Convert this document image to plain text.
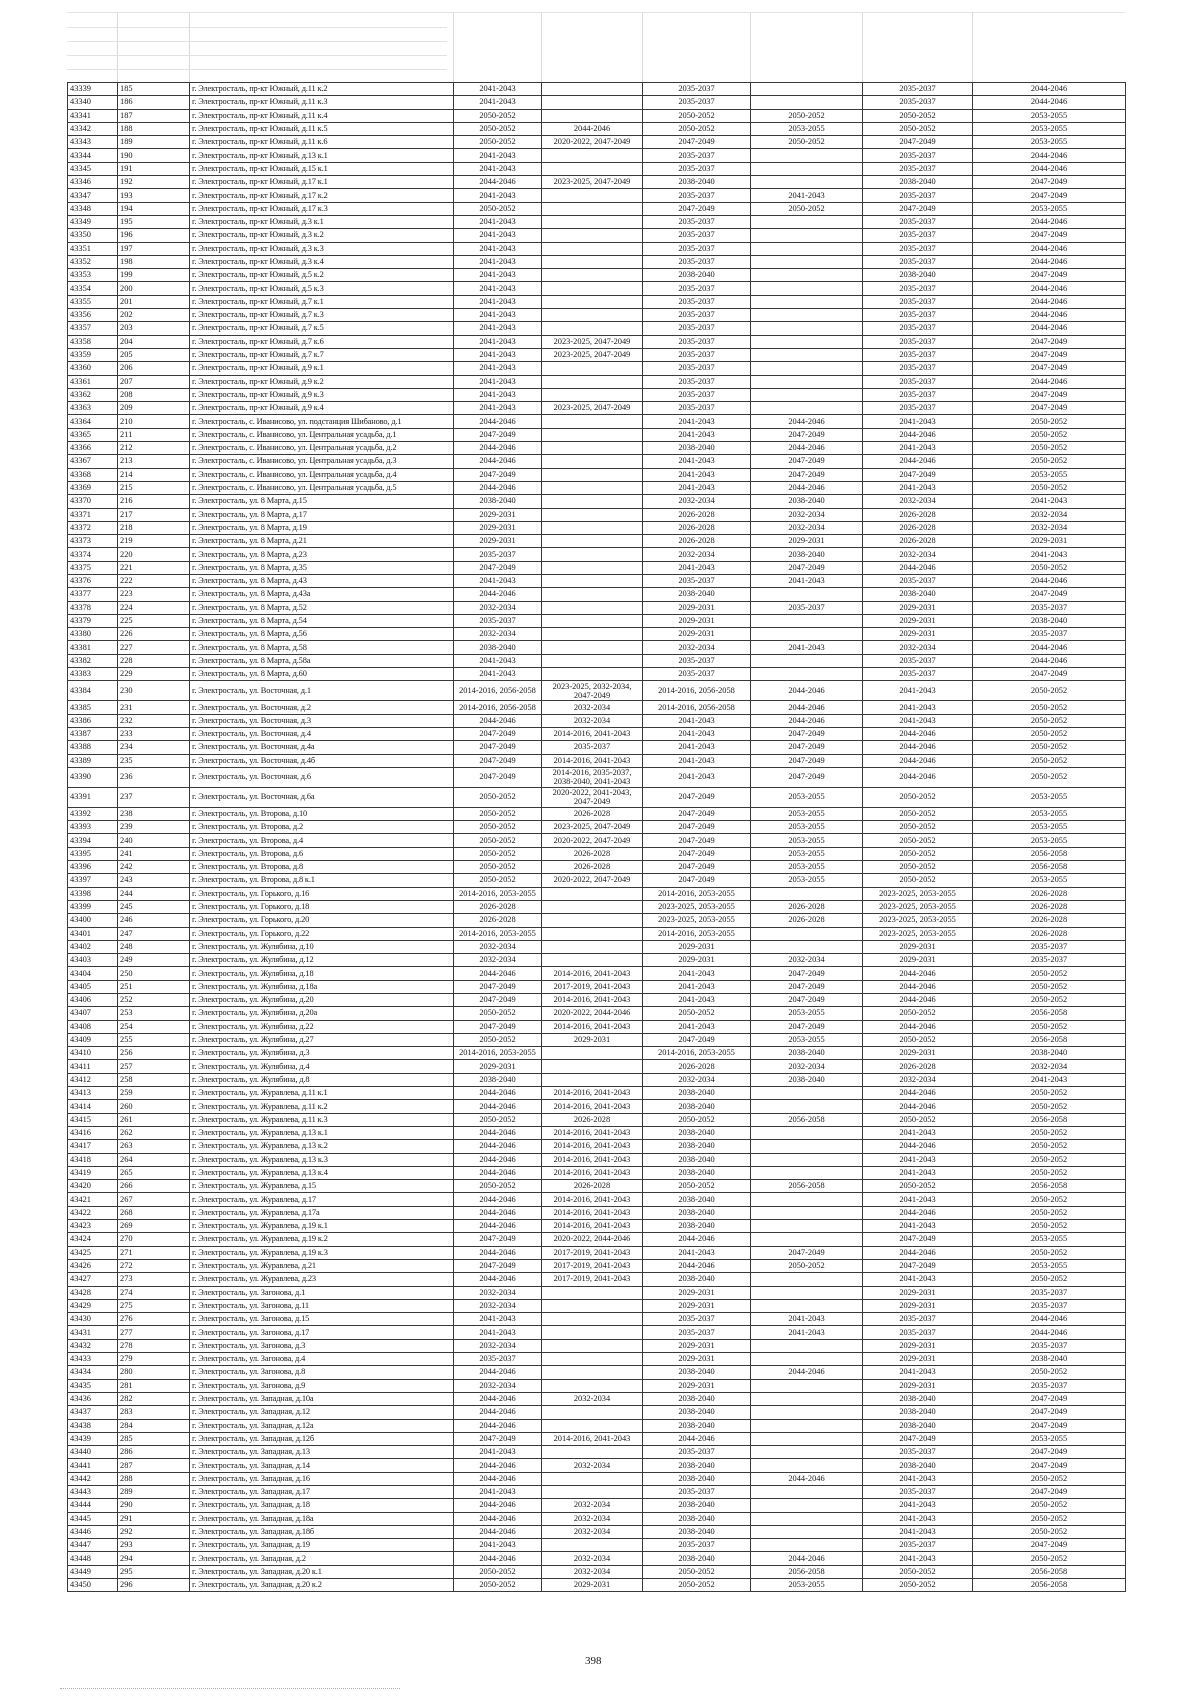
43339	185	г. Электросталь, пр-кт Южный, д.11 к.2	2041-2043		2035-2037		2035-2037	2044-2046
43340	186	г. Электросталь, пр-кт Южный, д.11 к.3	2041-2043		2035-2037		2035-2037	2044-2046
43341	187	г. Электросталь, пр-кт Южный, д.11 к.4	2050-2052		2050-2052	2050-2052	2050-2052	2053-2055
43342	188	г. Электросталь, пр-кт Южный, д.11 к.5	2050-2052	2044-2046	2050-2052	2053-2055	2050-2052	2053-2055
43343	189	г. Электросталь, пр-кт Южный, д.11 к.6	2050-2052	2020-2022, 2047-2049	2047-2049	2050-2052	2047-2049	2053-2055
43344	190	г. Электросталь, пр-кт Южный, д.13 к.1	2041-2043		2035-2037		2035-2037	2044-2046
43345	191	г. Электросталь, пр-кт Южный, д.15 к.1	2041-2043		2035-2037		2035-2037	2044-2046
43346	192	г. Электросталь, пр-кт Южный, д.17 к.1	2044-2046	2023-2025, 2047-2049	2038-2040		2038-2040	2047-2049
43347	193	г. Электросталь, пр-кт Южный, д.17 к.2	2041-2043		2035-2037	2041-2043	2035-2037	2047-2049
43348	194	г. Электросталь, пр-кт Южный, д.17 к.3	2050-2052		2047-2049	2050-2052	2047-2049	2053-2055
43349	195	г. Электросталь, пр-кт Южный, д.3 к.1	2041-2043		2035-2037		2035-2037	2044-2046
43350	196	г. Электросталь, пр-кт Южный, д.3 к.2	2041-2043		2035-2037		2035-2037	2047-2049
43351	197	г. Электросталь, пр-кт Южный, д.3 к.3	2041-2043		2035-2037		2035-2037	2044-2046
43352	198	г. Электросталь, пр-кт Южный, д.3 к.4	2041-2043		2035-2037		2035-2037	2044-2046
43353	199	г. Электросталь, пр-кт Южный, д.5 к.2	2041-2043		2038-2040		2038-2040	2047-2049
43354	200	г. Электросталь, пр-кт Южный, д.5 к.3	2041-2043		2035-2037		2035-2037	2044-2046
43355	201	г. Электросталь, пр-кт Южный, д.7 к.1	2041-2043		2035-2037		2035-2037	2044-2046
43356	202	г. Электросталь, пр-кт Южный, д.7 к.3	2041-2043		2035-2037		2035-2037	2044-2046
43357	203	г. Электросталь, пр-кт Южный, д.7 к.5	2041-2043		2035-2037		2035-2037	2044-2046
43358	204	г. Электросталь, пр-кт Южный, д.7 к.6	2041-2043	2023-2025, 2047-2049	2035-2037		2035-2037	2047-2049
43359	205	г. Электросталь, пр-кт Южный, д.7 к.7	2041-2043	2023-2025, 2047-2049	2035-2037		2035-2037	2047-2049
43360	206	г. Электросталь, пр-кт Южный, д.9 к.1	2041-2043		2035-2037		2035-2037	2047-2049
43361	207	г. Электросталь, пр-кт Южный, д.9 к.2	2041-2043		2035-2037		2035-2037	2044-2046
43362	208	г. Электросталь, пр-кт Южный, д.9 к.3	2041-2043		2035-2037		2035-2037	2047-2049
43363	209	г. Электросталь, пр-кт Южный, д.9 к.4	2041-2043	2023-2025, 2047-2049	2035-2037		2035-2037	2047-2049
43364	210	г. Электросталь, с. Иванисово, ул. подстанция Шибаново, д.1	2044-2046		2041-2043	2044-2046	2041-2043	2050-2052
43365	211	г. Электросталь, с. Иванисово, ул. Центральная усадьба, д.1	2047-2049		2041-2043	2047-2049	2044-2046	2050-2052
43366	212	г. Электросталь, с. Иванисово, ул. Центральная усадьба, д.2	2044-2046		2038-2040	2044-2046	2041-2043	2050-2052
43367	213	г. Электросталь, с. Иванисово, ул. Центральная усадьба, д.3	2044-2046		2041-2043	2047-2049	2044-2046	2050-2052
43368	214	г. Электросталь, с. Иванисово, ул. Центральная усадьба, д.4	2047-2049		2041-2043	2047-2049	2047-2049	2053-2055
43369	215	г. Электросталь, с. Иванисово, ул. Центральная усадьба, д.5	2044-2046		2041-2043	2044-2046	2041-2043	2050-2052
43370	216	г. Электросталь, ул. 8 Марта, д.15	2038-2040		2032-2034	2038-2040	2032-2034	2041-2043
43371	217	г. Электросталь, ул. 8 Марта, д.17	2029-2031		2026-2028	2032-2034	2026-2028	2032-2034
43372	218	г. Электросталь, ул. 8 Марта, д.19	2029-2031		2026-2028	2032-2034	2026-2028	2032-2034
43373	219	г. Электросталь, ул. 8 Марта, д.21	2029-2031		2026-2028	2029-2031	2026-2028	2029-2031
43374	220	г. Электросталь, ул. 8 Марта, д.23	2035-2037		2032-2034	2038-2040	2032-2034	2041-2043
43375	221	г. Электросталь, ул. 8 Марта, д.35	2047-2049		2041-2043	2047-2049	2044-2046	2050-2052
43376	222	г. Электросталь, ул. 8 Марта, д.43	2041-2043		2035-2037	2041-2043	2035-2037	2044-2046
43377	223	г. Электросталь, ул. 8 Марта, д.43а	2044-2046		2038-2040		2038-2040	2047-2049
43378	224	г. Электросталь, ул. 8 Марта, д.52	2032-2034		2029-2031	2035-2037	2029-2031	2035-2037
43379	225	г. Электросталь, ул. 8 Марта, д.54	2035-2037		2029-2031		2029-2031	2038-2040
43380	226	г. Электросталь, ул. 8 Марта, д.56	2032-2034		2029-2031		2029-2031	2035-2037
43381	227	г. Электросталь, ул. 8 Марта, д.58	2038-2040		2032-2034	2041-2043	2032-2034	2044-2046
43382	228	г. Электросталь, ул. 8 Марта, д.58а	2041-2043		2035-2037		2035-2037	2044-2046
43383	229	г. Электросталь, ул. 8 Марта, д.60	2041-2043		2035-2037		2035-2037	2047-2049
43384	230	г. Электросталь, ул. Восточная, д.1	2014-2016, 2056-2058	2023-2025, 2032-2034, 2047-2049	2014-2016, 2056-2058	2044-2046	2041-2043	2050-2052
43385	231	г. Электросталь, ул. Восточная, д.2	2014-2016, 2056-2058	2032-2034	2014-2016, 2056-2058	2044-2046	2041-2043	2050-2052
43386	232	г. Электросталь, ул. Восточная, д.3	2044-2046	2032-2034	2041-2043	2044-2046	2041-2043	2050-2052
43387	233	г. Электросталь, ул. Восточная, д.4	2047-2049	2014-2016, 2041-2043	2041-2043	2047-2049	2044-2046	2050-2052
43388	234	г. Электросталь, ул. Восточная, д.4а	2047-2049	2035-2037	2041-2043	2047-2049	2044-2046	2050-2052
43389	235	г. Электросталь, ул. Восточная, д.4б	2047-2049	2014-2016, 2041-2043	2041-2043	2047-2049	2044-2046	2050-2052
43390	236	г. Электросталь, ул. Восточная, д.6	2047-2049	2014-2016, 2035-2037, 2038-2040, 2041-2043	2041-2043	2047-2049	2044-2046	2050-2052
43391	237	г. Электросталь, ул. Восточная, д.6а	2050-2052	2020-2022, 2041-2043, 2047-2049	2047-2049	2053-2055	2050-2052	2053-2055
43392	238	г. Электросталь, ул. Второва, д.10	2050-2052	2026-2028	2047-2049	2053-2055	2050-2052	2053-2055
43393	239	г. Электросталь, ул. Второва, д.2	2050-2052	2023-2025, 2047-2049	2047-2049	2053-2055	2050-2052	2053-2055
43394	240	г. Электросталь, ул. Второва, д.4	2050-2052	2020-2022, 2047-2049	2047-2049	2053-2055	2050-2052	2053-2055
43395	241	г. Электросталь, ул. Второва, д.6	2050-2052	2026-2028	2047-2049	2053-2055	2050-2052	2056-2058
43396	242	г. Электросталь, ул. Второва, д.8	2050-2052	2026-2028	2047-2049	2053-2055	2050-2052	2056-2058
43397	243	г. Электросталь, ул. Второва, д.8 к.1	2050-2052	2020-2022, 2047-2049	2047-2049	2053-2055	2050-2052	2053-2055
43398	244	г. Электросталь, ул. Горького, д.16	2014-2016, 2053-2055		2014-2016, 2053-2055		2023-2025, 2053-2055	2026-2028
43399	245	г. Электросталь, ул. Горького, д.18	2026-2028		2023-2025, 2053-2055	2026-2028	2023-2025, 2053-2055	2026-2028
43400	246	г. Электросталь, ул. Горького, д.20	2026-2028		2023-2025, 2053-2055	2026-2028	2023-2025, 2053-2055	2026-2028
43401	247	г. Электросталь, ул. Горького, д.22	2014-2016, 2053-2055		2014-2016, 2053-2055		2023-2025, 2053-2055	2026-2028
43402	248	г. Электросталь, ул. Жулябина, д.10	2032-2034		2029-2031		2029-2031	2035-2037
43403	249	г. Электросталь, ул. Жулябина, д.12	2032-2034		2029-2031	2032-2034	2029-2031	2035-2037
43404	250	г. Электросталь, ул. Жулябина, д.18	2044-2046	2014-2016, 2041-2043	2041-2043	2047-2049	2044-2046	2050-2052
43405	251	г. Электросталь, ул. Жулябина, д.18а	2047-2049	2017-2019, 2041-2043	2041-2043	2047-2049	2044-2046	2050-2052
43406	252	г. Электросталь, ул. Жулябина, д.20	2047-2049	2014-2016, 2041-2043	2041-2043	2047-2049	2044-2046	2050-2052
43407	253	г. Электросталь, ул. Жулябина, д.20а	2050-2052	2020-2022, 2044-2046	2050-2052	2053-2055	2050-2052	2056-2058
43408	254	г. Электросталь, ул. Жулябина, д.22	2047-2049	2014-2016, 2041-2043	2041-2043	2047-2049	2044-2046	2050-2052
43409	255	г. Электросталь, ул. Жулябина, д.27	2050-2052	2029-2031	2047-2049	2053-2055	2050-2052	2056-2058
43410	256	г. Электросталь, ул. Жулябина, д.3	2014-2016, 2053-2055		2014-2016, 2053-2055	2038-2040	2029-2031	2038-2040
43411	257	г. Электросталь, ул. Жулябина, д.4	2029-2031		2026-2028	2032-2034	2026-2028	2032-2034
43412	258	г. Электросталь, ул. Жулябина, д.8	2038-2040		2032-2034	2038-2040	2032-2034	2041-2043
43413	259	г. Электросталь, ул. Журавлева, д.11 к.1	2044-2046	2014-2016, 2041-2043	2038-2040		2044-2046	2050-2052
43414	260	г. Электросталь, ул. Журавлева, д.11 к.2	2044-2046	2014-2016, 2041-2043	2038-2040		2044-2046	2050-2052
43415	261	г. Электросталь, ул. Журавлева, д.11 к.3	2050-2052	2026-2028	2050-2052	2056-2058	2050-2052	2056-2058
43416	262	г. Электросталь, ул. Журавлева, д.13 к.1	2044-2046	2014-2016, 2041-2043	2038-2040		2041-2043	2050-2052
43417	263	г. Электросталь, ул. Журавлева, д.13 к.2	2044-2046	2014-2016, 2041-2043	2038-2040		2044-2046	2050-2052
43418	264	г. Электросталь, ул. Журавлева, д.13 к.3	2044-2046	2014-2016, 2041-2043	2038-2040		2041-2043	2050-2052
43419	265	г. Электросталь, ул. Журавлева, д.13 к.4	2044-2046	2014-2016, 2041-2043	2038-2040		2041-2043	2050-2052
43420	266	г. Электросталь, ул. Журавлева, д.15	2050-2052	2026-2028	2050-2052	2056-2058	2050-2052	2056-2058
43421	267	г. Электросталь, ул. Журавлева, д.17	2044-2046	2014-2016, 2041-2043	2038-2040		2041-2043	2050-2052
43422	268	г. Электросталь, ул. Журавлева, д.17а	2044-2046	2014-2016, 2041-2043	2038-2040		2044-2046	2050-2052
43423	269	г. Электросталь, ул. Журавлева, д.19 к.1	2044-2046	2014-2016, 2041-2043	2038-2040		2041-2043	2050-2052
43424	270	г. Электросталь, ул. Журавлева, д.19 к.2	2047-2049	2020-2022, 2044-2046	2044-2046		2047-2049	2053-2055
43425	271	г. Электросталь, ул. Журавлева, д.19 к.3	2044-2046	2017-2019, 2041-2043	2041-2043	2047-2049	2044-2046	2050-2052
43426	272	г. Электросталь, ул. Журавлева, д.21	2047-2049	2017-2019, 2041-2043	2044-2046	2050-2052	2047-2049	2053-2055
43427	273	г. Электросталь, ул. Журавлева, д.23	2044-2046	2017-2019, 2041-2043	2038-2040		2041-2043	2050-2052
43428	274	г. Электросталь, ул. Загонова, д.1	2032-2034		2029-2031		2029-2031	2035-2037
43429	275	г. Электросталь, ул. Загонова, д.11	2032-2034		2029-2031		2029-2031	2035-2037
43430	276	г. Электросталь, ул. Загонова, д.15	2041-2043		2035-2037	2041-2043	2035-2037	2044-2046
43431	277	г. Электросталь, ул. Загонова, д.17	2041-2043		2035-2037	2041-2043	2035-2037	2044-2046
43432	278	г. Электросталь, ул. Загонова, д.3	2032-2034		2029-2031		2029-2031	2035-2037
43433	279	г. Электросталь, ул. Загонова, д.4	2035-2037		2029-2031		2029-2031	2038-2040
43434	280	г. Электросталь, ул. Загонова, д.8	2044-2046		2038-2040	2044-2046	2041-2043	2050-2052
43435	281	г. Электросталь, ул. Загонова, д.9	2032-2034		2029-2031		2029-2031	2035-2037
43436	282	г. Электросталь, ул. Западная, д.10а	2044-2046	2032-2034	2038-2040		2038-2040	2047-2049
43437	283	г. Электросталь, ул. Западная, д.12	2044-2046		2038-2040		2038-2040	2047-2049
43438	284	г. Электросталь, ул. Западная, д.12а	2044-2046		2038-2040		2038-2040	2047-2049
43439	285	г. Электросталь, ул. Западная, д.12б	2047-2049	2014-2016, 2041-2043	2044-2046		2047-2049	2053-2055
43440	286	г. Электросталь, ул. Западная, д.13	2041-2043		2035-2037		2035-2037	2047-2049
43441	287	г. Электросталь, ул. Западная, д.14	2044-2046	2032-2034	2038-2040		2038-2040	2047-2049
43442	288	г. Электросталь, ул. Западная, д.16	2044-2046		2038-2040	2044-2046	2041-2043	2050-2052
43443	289	г. Электросталь, ул. Западная, д.17	2041-2043		2035-2037		2035-2037	2047-2049
43444	290	г. Электросталь, ул. Западная, д.18	2044-2046	2032-2034	2038-2040		2041-2043	2050-2052
43445	291	г. Электросталь, ул. Западная, д.18а	2044-2046	2032-2034	2038-2040		2041-2043	2050-2052
43446	292	г. Электросталь, ул. Западная, д.18б	2044-2046	2032-2034	2038-2040		2041-2043	2050-2052
43447	293	г. Электросталь, ул. Западная, д.19	2041-2043		2035-2037		2035-2037	2047-2049
43448	294	г. Электросталь, ул. Западная, д.2	2044-2046	2032-2034	2038-2040	2044-2046	2041-2043	2050-2052
43449	295	г. Электросталь, ул. Западная, д.20 к.1	2050-2052	2032-2034	2050-2052	2056-2058	2050-2052	2056-2058
43450	296	г. Электросталь, ул. Западная, д.20 к.2	2050-2052	2029-2031	2050-2052	2053-2055	2050-2052	2056-2058
398
